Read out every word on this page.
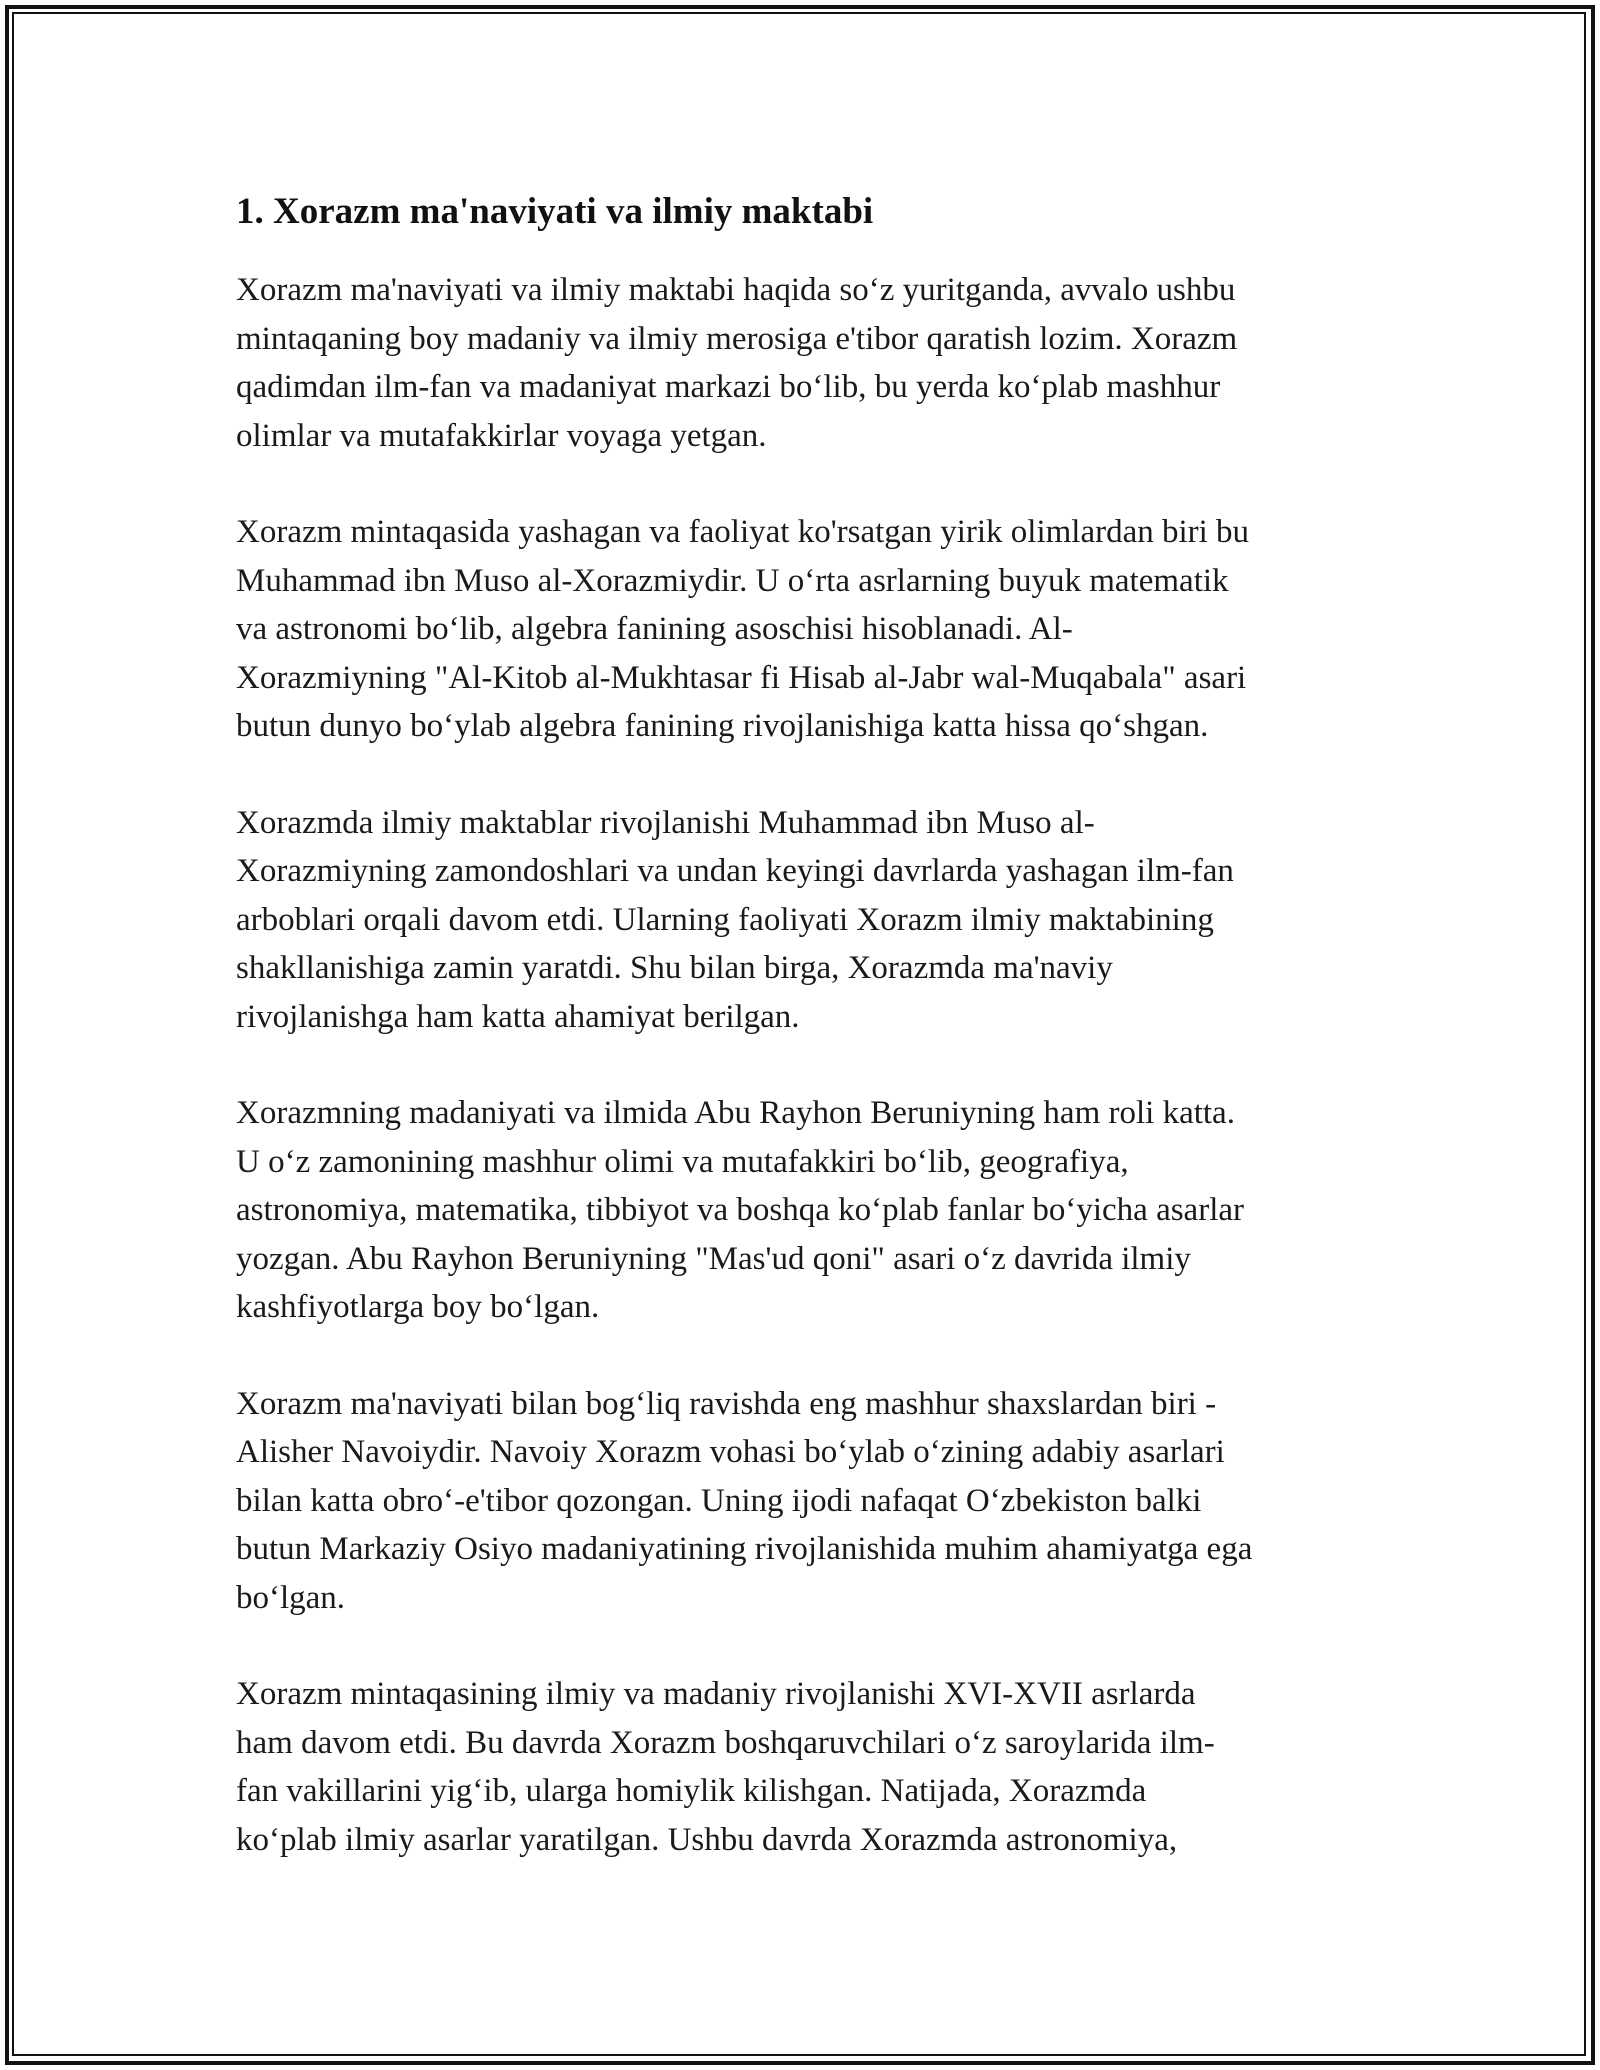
1. Xorazm ma'naviyati va ilmiy maktabi

Xorazm ma'naviyati va ilmiy maktabi haqida so‘z yuritganda, avvalo ushbu
mintaqaning boy madaniy va ilmiy merosiga e'tibor qaratish lozim. Xorazm
qadimdan ilm-fan va madaniyat markazi bo‘lib, bu yerda ko‘plab mashhur
olimlar va mutafakkirlar voyaga yetgan.

Xorazm mintaqasida yashagan va faoliyat ko'rsatgan yirik olimlardan biri bu
Muhammad ibn Muso al-Xorazmiydir. U o‘rta asrlarning buyuk matematik
va astronomi bo‘lib, algebra fanining asoschisi hisoblanadi. Al-
Xorazmiyning "Al-Kitob al-Mukhtasar fi Hisab al-Jabr wal-Muqabala" asari
butun dunyo bo‘ylab algebra fanining rivojlanishiga katta hissa qo‘shgan.

Xorazmda ilmiy maktablar rivojlanishi Muhammad ibn Muso al-
Xorazmiyning zamondoshlari va undan keyingi davrlarda yashagan ilm-fan
arboblari orqali davom etdi. Ularning faoliyati Xorazm ilmiy maktabining
shakllanishiga zamin yaratdi. Shu bilan birga, Xorazmda ma'naviy
rivojlanishga ham katta ahamiyat berilgan.

Xorazmning madaniyati va ilmida Abu Rayhon Beruniyning ham roli katta.
U o‘z zamonining mashhur olimi va mutafakkiri bo‘lib, geografiya,
astronomiya, matematika, tibbiyot va boshqa ko‘plab fanlar bo‘yicha asarlar
yozgan. Abu Rayhon Beruniyning "Mas'ud qoni" asari o‘z davrida ilmiy
kashfiyotlarga boy bo‘lgan.

Xorazm ma'naviyati bilan bog‘liq ravishda eng mashhur shaxslardan biri -
Alisher Navoiydir. Navoiy Xorazm vohasi bo‘ylab o‘zining adabiy asarlari
bilan katta obro‘-e'tibor qozongan. Uning ijodi nafaqat O‘zbekiston balki
butun Markaziy Osiyo madaniyatining rivojlanishida muhim ahamiyatga ega
bo‘lgan.

Xorazm mintaqasining ilmiy va madaniy rivojlanishi XVI-XVII asrlarda
ham davom etdi. Bu davrda Xorazm boshqaruvchilari o‘z saroylarida ilm-
fan vakillarini yig‘ib, ularga homiylik kilishgan. Natijada, Xorazmda
ko‘plab ilmiy asarlar yaratilgan. Ushbu davrda Xorazmda astronomiya,
